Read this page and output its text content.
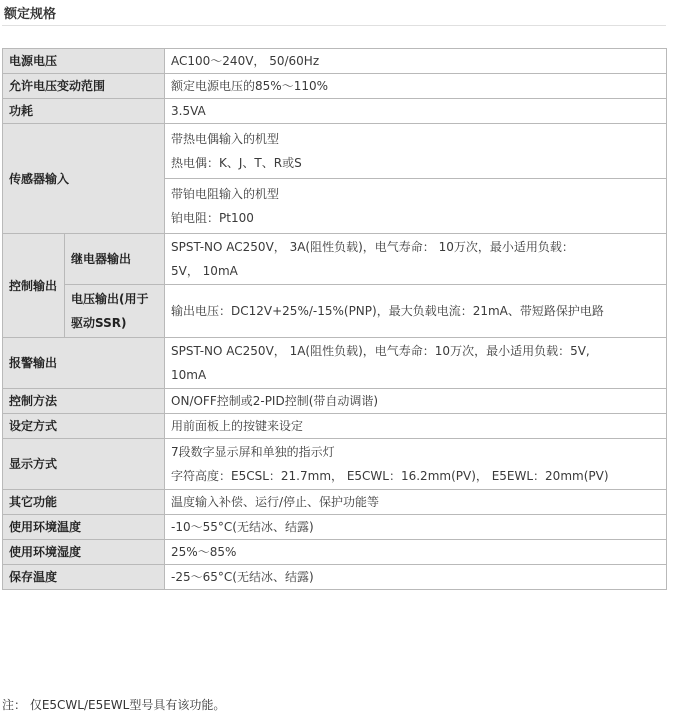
额定规格
电源电压		AC100～240V， 50/60Hz
允许电压变动范围		额定电源电压的85%～110%
功耗		3.5VA
传感器输入		带热电偶输入的机型
热电偶：K、J、T、R或S

		带铂电阻输入的机型
铂电阻：Pt100

控制输出	继电器输出	SPST-NO AC250V， 3A(阻性负载)，电气寿命： 10万次，最小适用负载：
5V， 10mA

	电压输出(用于驱动SSR)	输出电压：DC12V+25%/-15%(PNP)，最大负载电流：21mA、带短路保护电路
报警输出		SPST-NO AC250V， 1A(阻性负载)，电气寿命：10万次，最小适用负载：5V,
10mA

控制方法		ON/OFF控制或2-PID控制(带自动调谐)
设定方式		用前面板上的按键来设定
显示方式		7段数字显示屏和单独的指示灯
字符高度：E5CSL：21.7mm， E5CWL：16.2mm(PV)， E5EWL：20mm(PV)

其它功能		温度输入补偿、运行/停止、保护功能等
使用环境温度		-10～55°C(无结冰、结露)
使用环境湿度		25%～85%
保存温度		-25～65°C(无结冰、结露)
注： 仅E5CWL/E5EWL型号具有该功能。
